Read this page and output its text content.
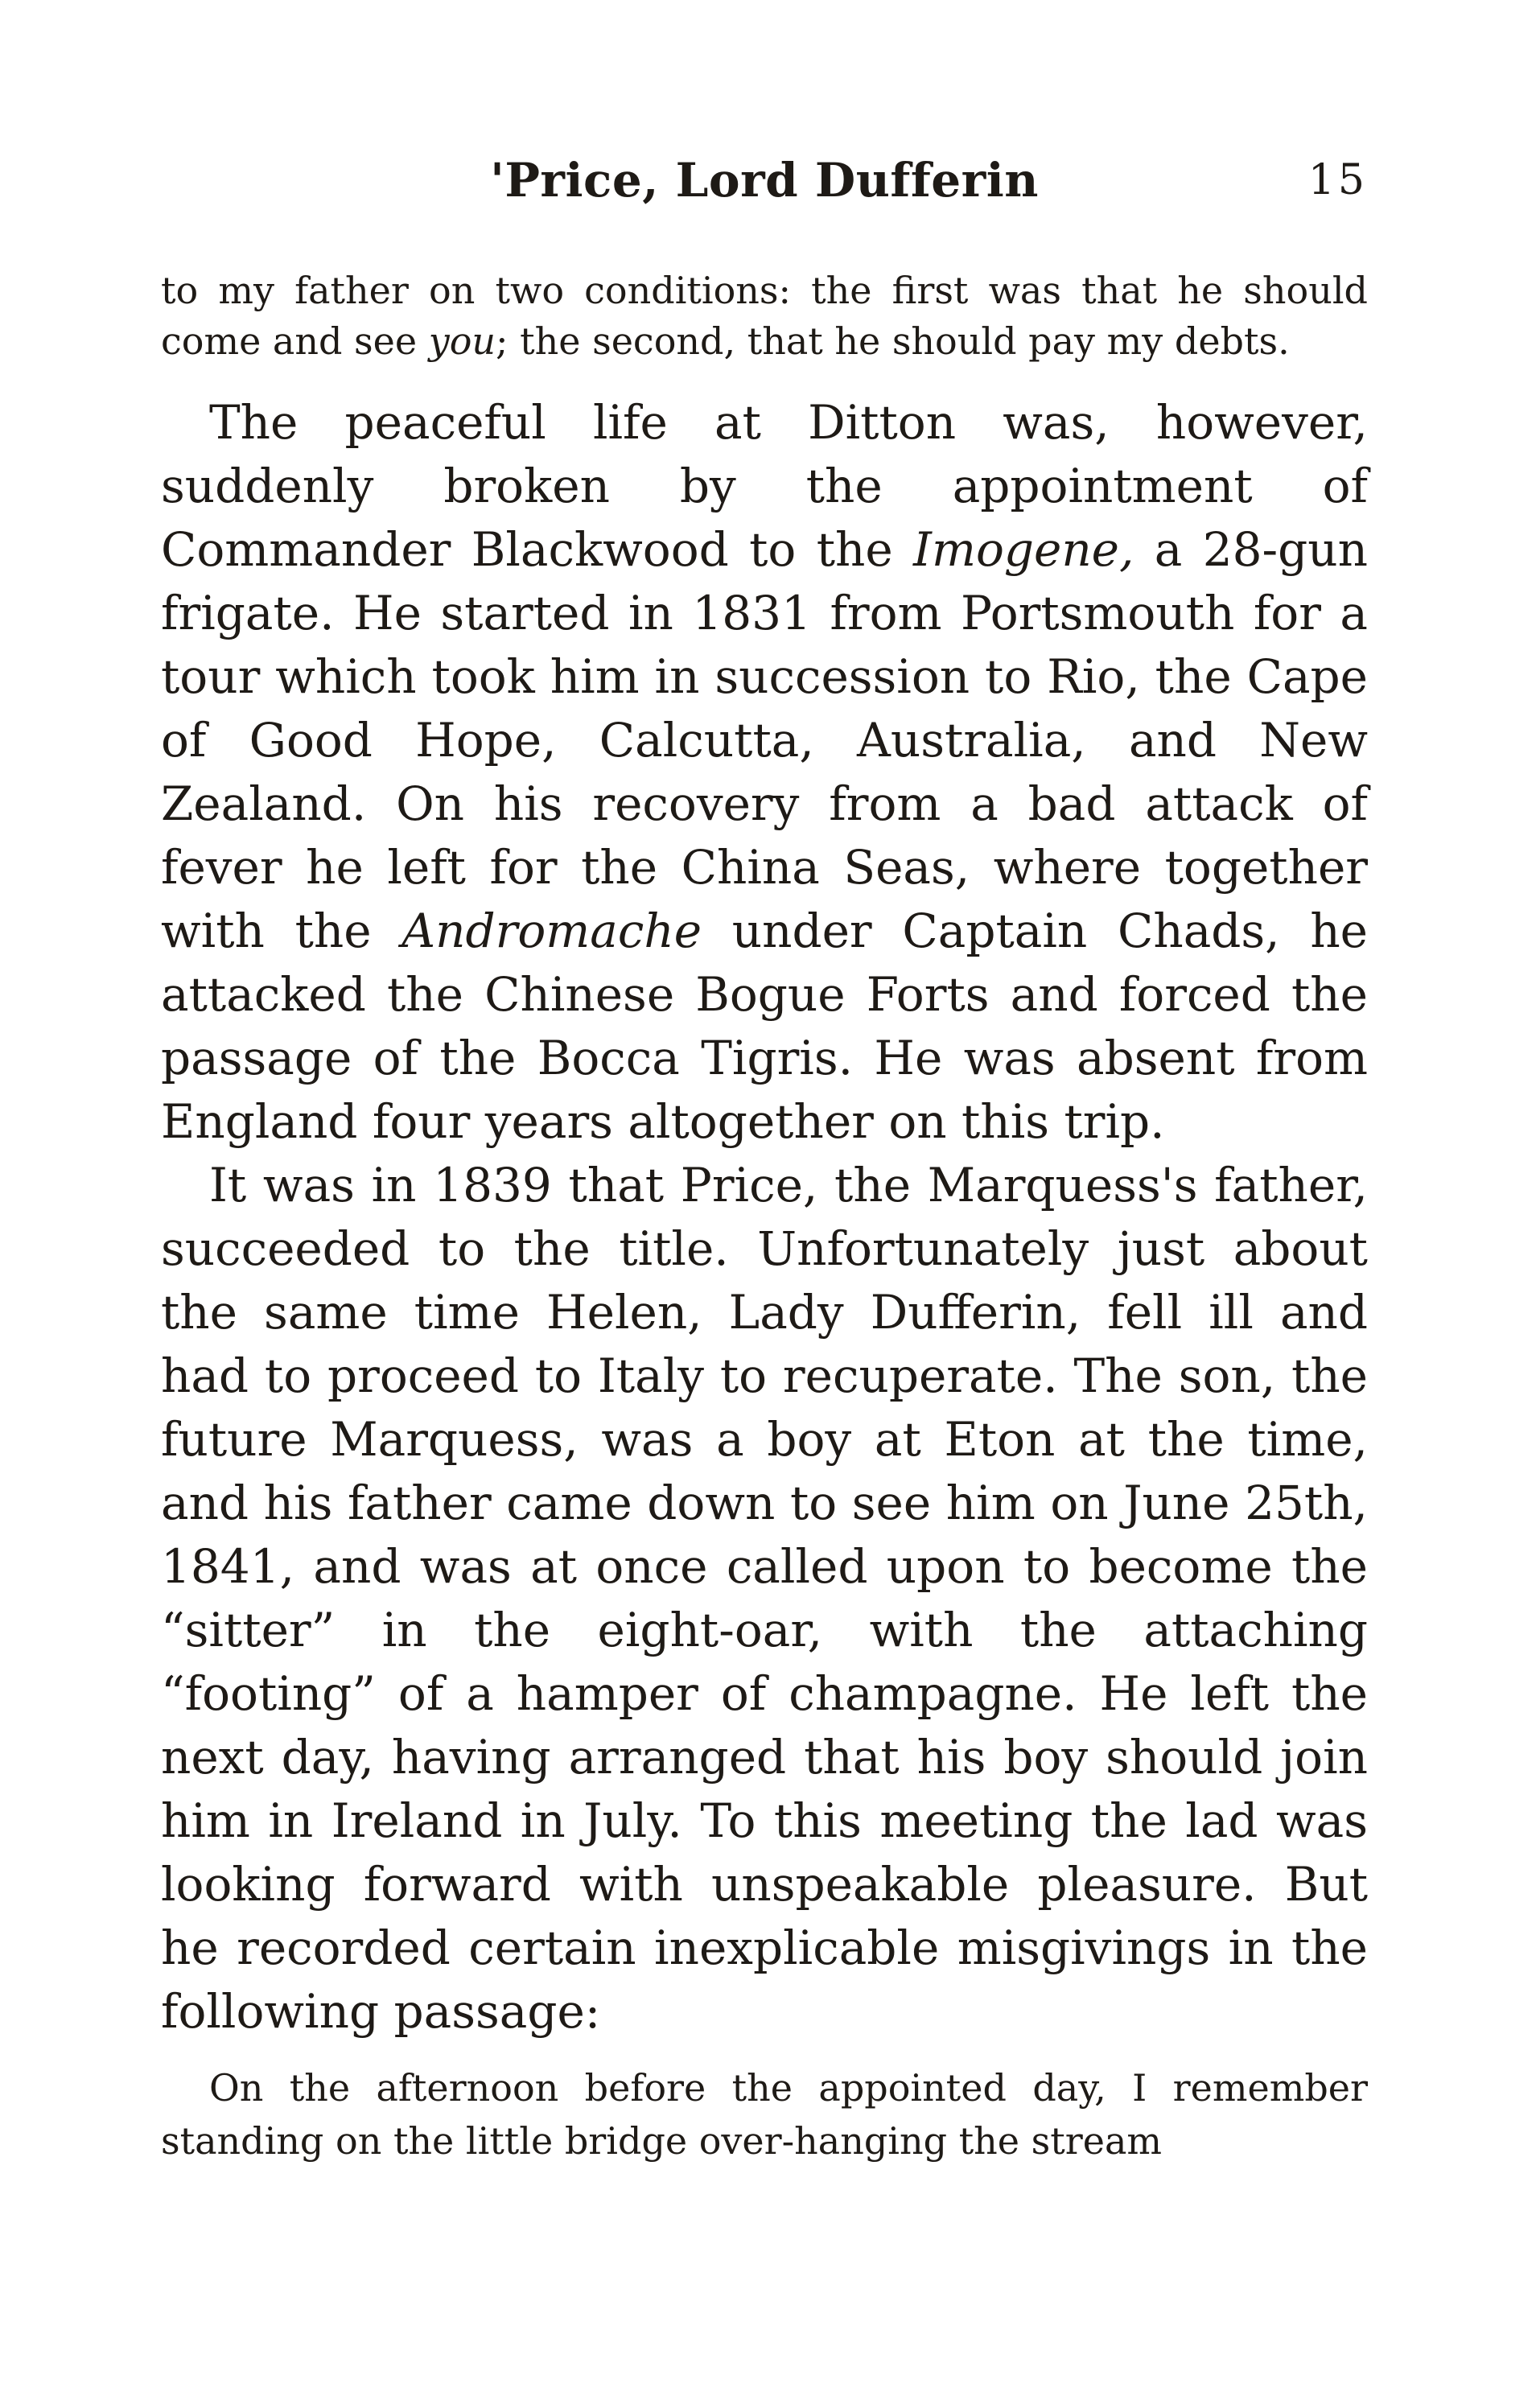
'Price, Lord Dufferin	15

to my father on two conditions: the first was that he should come and see you; the second, that he should pay my debts.

The peaceful life at Ditton was, however, suddenly broken by the appointment of Commander Blackwood to the Imogene, a 28-gun frigate. He started in 1831 from Portsmouth for a tour which took him in succession to Rio, the Cape of Good Hope, Calcutta, Australia, and New Zealand. On his recovery from a bad attack of fever he left for the China Seas, where together with the Andromache under Captain Chads, he attacked the Chinese Bogue Forts and forced the passage of the Bocca Tigris. He was absent from England four years altogether on this trip.

It was in 1839 that Price, the Marquess's father, succeeded to the title. Unfortunately just about the same time Helen, Lady Dufferin, fell ill and had to proceed to Italy to recuperate. The son, the future Marquess, was a boy at Eton at the time, and his father came down to see him on June 25th, 1841, and was at once called upon to become the “sitter” in the eight-oar, with the attaching “footing” of a hamper of champagne. He left the next day, having arranged that his boy should join him in Ireland in July. To this meeting the lad was looking forward with unspeakable pleasure. But he recorded certain inexplicable misgivings in the following passage:

On the afternoon before the appointed day, I remember standing on the little bridge over-hanging the stream
